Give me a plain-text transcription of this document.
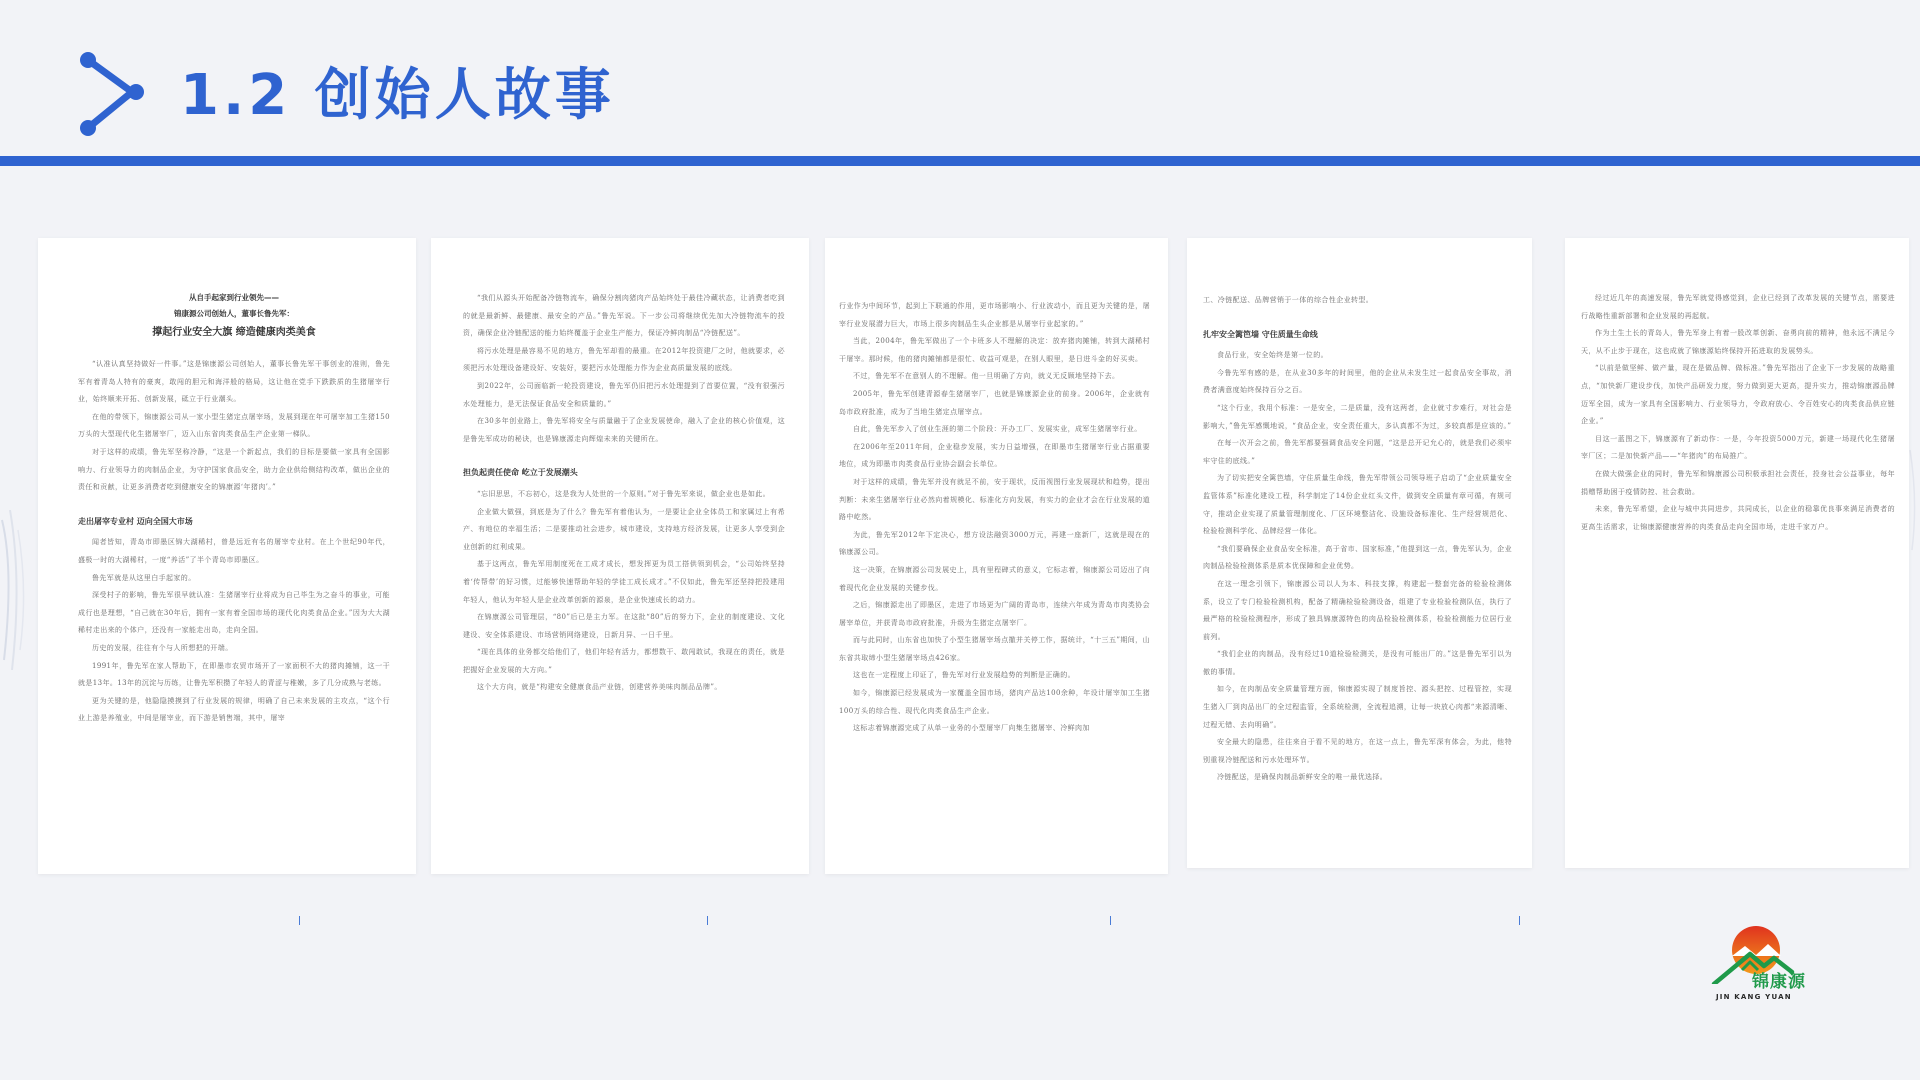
1.2 创始人故事
从自手起家到行业领先——
锦康源公司创始人，董事长鲁先军：
撑起行业安全大旗 缔造健康肉类美食

“认准认真坚持做好一件事。”这是锦康源公司创始人，董事长鲁先军干事创业的准则，鲁先军有着青岛人特有的豪爽，敢闯的胆元和海洋般的格局，这让他在党手下跌跌质的生猪屠宰行业，始终顺来开拓、创新发展，砥立于行业潮头。

在他的带领下，锦康源公司从一家小型生猪定点屠宰场，发展到现在年可屠宰加工生猪150万头的大型现代化生猪屠宰厂，迈入山东省肉类食品生产企业第一梯队。

对于这样的成绩，鲁先军坚称冷静，“这是一个新起点，我们的目标是要做一家具有全国影响力、行业领导力的肉制品企业，为守护国家食品安全，助力企业供给侧结构改革，做出企业的责任和贡献，让更多消费者吃到健康安全的锦康源‘年猪肉’。”

走出屠宰专业村 迈向全国大市场

闻者皆知，青岛市即墨区锦大湖稀村，曾是远近有名的屠宰专业村。在上个世纪90年代，盛极一时的大湖稀村，一度“养活”了半个青岛市即墨区。

鲁先军就是从这里白手起家的。

深受村子的影响，鲁先军很早就认准：生猪屠宰行业将成为自己毕生为之奋斗的事业，可能成行也是理想，“自己就在30年后，拥有一家有着全国市场的现代化肉类食品企业。”因为大大湖稀村走出来的个体户，还没有一家能走出岛，走向全国。

历史的发展，往往有个与人所想把的开端。

1991年，鲁先军在家人帮助下，在即墨市农贸市场开了一家面积不大的猪肉摊铺，这一干就是13年。13年的沉淀与历练，让鲁先军积攒了年轻人的青涩与稚嫩，多了几分成熟与老练。

更为关键的是，他隐隐摸摸到了行业发展的规律，明确了自己未来发展的主攻点，“这个行业上游是养殖业，中间是屠宰业，而下游是销售端，其中，屠宰

“我们从源头开始配备冷链物流车，确保分割肉猪肉产品始终处于最佳冷藏状态，让消费者吃到的就是最新鲜、最健康、最安全的产品。”鲁先军说。下一步公司将继续优先加大冷链物流车的投资，确保企业冷链配送的能力始终覆盖于企业生产能力，保证冷鲜肉制品“冷链配送”。

将污水处理是最容易不见的地方，鲁先军却看的最重。在2012年投资建厂之时，他就要求，必须把污水处理设备建设好、安装好，要把污水处理能力作为企业高质量发展的底线。

到2022年，公司面临新一轮投资建设，鲁先军仍旧把污水处理提到了首要位置，“没有很强污水处理能力，是无法保证食品安全和质量的。”

在30多年创业路上，鲁先军将安全与质量融于了企业发展使命，融入了企业的核心价值观，这是鲁先军成功的秘诀，也是锦康源走向辉煌未来的关键所在。

担负起责任使命 屹立于发展潮头

“忘旧思思，不忘初心，这是我为人处世的一个原则。”对于鲁先军来说，做企业也是如此。

企业做大做强，到底是为了什么？鲁先军有着他认为，一是要让企业全体员工和家属过上有希产、有地位的幸福生活；二是要推动社会进步，城市建设，支持地方经济发展，让更多人享受到企业创新的红利成果。

基于这两点，鲁先军用制度死在工成才成长，想发挥更为员工搭供领到机会，“公司始终坚持着‘传帮带’的好习惯，过能够快速帮助年轻的学徒工成长成才。”不仅如此，鲁先军还坚持把投建用年轻人，他认为年轻人是企业改革创新的源泉，是企业快速成长的动力。

在锦康源公司管理层，“80”后已是主力军。在这批“80”后的努力下，企业的制度建设、文化建设、安全体系建设、市场营销网络建设，日新月异、一日千里。

“现在具体的业务都交给他们了，他们年轻有活力，都想数干、敢闯敢试，我现在的责任，就是把握好企业发展的大方向。”

这个大方向，就是“构建安全健康食品产业链，创建营养美味肉制品品牌”。

行业作为中间环节，起到上下联通的作用，更市场影响小、行业波动小，而且更为关键的是，屠宰行业发展潜力巨大，市场上很多肉制品生头企业都是从屠宰行业起家的。”

当此，2004年，鲁先军做出了一个卡班多人不理解的决定：放弃猪肉摊铺，转到大湖稀村干屠宰。那时候，他的猪肉摊铺都是很忙、收益可观是，在别人眼里，是日进斗金的好买卖。

不过，鲁先军不在意别人的不理解。他一旦明确了方向，就义无反顾地坚持下去。

2005年，鲁先军创建青源春生猪屠宰厂，也就是锦康源企业的前身。2006年，企业就有岛市政府批准，成为了当地生猪定点屠宰点。

自此，鲁先军步入了创业生涯的第二个阶段：开办工厂、发展实业，成军生猪屠宰行业。

在2006年至2011年间，企业稳步发展，实力日益增强，在即墨市生猪屠宰行业占据重要地位，成为即墨市肉类食品行业协会副会长单位。

对于这样的成绩，鲁先军并没有就足不前，安于现状，反而视图行业发展现状和趋势，提出判断：未来生猪屠宰行业必然向着规模化、标准化方向发展，有实力的企业才会在行业发展的道路中屹然。

为此，鲁先军2012年下定决心，想方设法融资3000万元，再建一座新厂，这就是现在的锦康源公司。

这一决策，在锦康源公司发展史上，具有里程碑式的意义，它标志着，锦康源公司迈出了向着现代化企业发展的关键步伐。

之后，锦康源走出了即墨区，走进了市场更为广阔的青岛市，连续六年成为青岛市肉类协会屠宰单位，并获青岛市政府批准，升级为生猪定点屠宰厂。

而与此同时，山东省也加快了小型生猪屠宰场点撤并关停工作，据统计，“十三五”期间，山东省共取缔小型生猪屠宰场点426家。

这也在一定程度上印证了，鲁先军对行业发展趋势的判断是正确的。

如今，锦康源已经发展成为一家覆盖全国市场，猪肉产品达100余种，年设计屠宰加工生猪100万头的综合性、现代化肉类食品生产企业。

这标志着锦康源完成了从单一业务的小型屠宰厂向集生猪屠宰、冷鲜肉加

工、冷链配送、品牌营销于一体的综合性企业转型。

扎牢安全篱笆墙 守住质量生命线

食品行业，安全始终是第一位的。

今鲁先军有感的是，在从业30多年的时间里，他的企业从未发生过一起食品安全事故，消费者满意度始终保持百分之百。

“这个行业，我用个标准：一是安全，二是质量，没有这两者，企业就寸步难行，对社会是影响大，”鲁先军感慨地说，“食品企业，安全责任重大，多认真都不为过，多较真都是应该的。”

在每一次开会之前，鲁先军都要强调食品安全问题，“这是总开记允心的，就是我们必须牢牢守住的底线。”

为了切实把安全篱笆墙，守住质量生命线，鲁先军带领公司领导班子启动了“企业质量安全监管体系”标准化建设工程，科学制定了14份企业红头文件，做到安全质量有章可循，有规可守，推动企业实现了质量管理制度化、厂区环境整洁化、设施设备标准化、生产经营规范化、检验检测科学化、品牌经营一体化。

“我们要确保企业食品安全标准，高于省市、国家标准，”他提到这一点，鲁先军认为，企业肉制品检验检测体系是质本优保障和企业优势。

在这一理念引领下，锦康源公司以人为本、科技支撑，构建起一整套完备的检验检测体系，设立了专门检验检测机构，配备了精确检验检测设备，组建了专业检验检测队伍，执行了最严格的检验检测程序，形成了独具锦康源特色的肉品检验检测体系，检验检测能力位居行业前列。

“我们企业的肉制品，没有经过10道检验检测关，是没有可能出厂的。”这是鲁先军引以为傲的事情。

如今，在肉制品安全质量管理方面，锦康源实现了制度旨控、源头把控、过程管控，实现生猪入厂到肉品出厂的全过程监管，全系统检测，全流程追溯，让每一块放心肉都“来源清晰、过程无错、去向明确”。

安全最大的隐患，往往来自于看不见的地方，在这一点上，鲁先军深有体会，为此，他特别重视冷链配送和污水处理环节。

冷链配送，是确保肉制品新鲜安全的唯一最优选择。

经过近几年的高速发展，鲁先军就觉得感觉到，企业已经到了改革发展的关键节点，需要进行战略性重新部署和企业发展的再起航。

作为土生土长的青岛人，鲁先军身上有着一股改革创新、奋勇向前的精神，他永远不满足今天，从不止步于现在，这也成就了锦康源始终保持开拓进取的发展势头。

“以前是做坚鲜、做产量，现在是做品牌、做标准。”鲁先军指出了企业下一步发展的战略重点，“加快新厂建设步伐，加快产品研发力度，努力做到更大更高，提升实力，推动锦康源品牌迈军全国，成为一家具有全国影响力、行业领导力，令政府放心、令百姓安心的肉类食品供应链企业。”

目这一蓝图之下，锦康源有了新动作：一是，今年投资5000万元，新建一场现代化生猪屠宰厂区；二是加快新产品——“年猪肉”的布局推广。

在做大做强企业的同时，鲁先军和锦康源公司积极承担社会责任，投身社会公益事业，每年捐赠帮助困于疫情防控、社会救助。

未来，鲁先军希望，企业与城中共同进步，共同成长，以企业的稳靠优良事来满足消费者的更高生活需求，让锦康源健康营养的肉类食品走向全国市场，走进千家万户。

锦康源
JIN KANG YUAN
